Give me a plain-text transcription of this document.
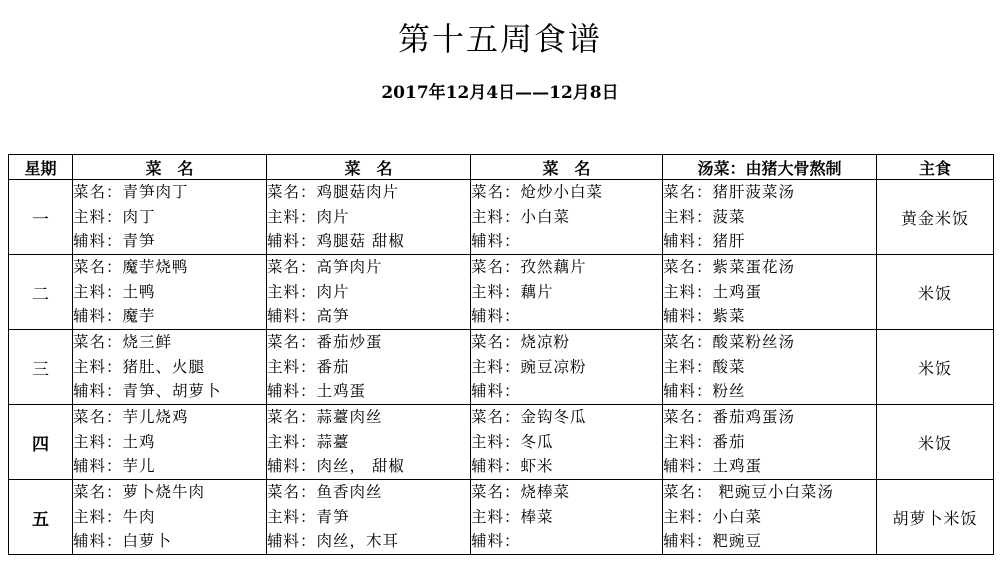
第十五周食谱
2017年12月4日——12月8日
星期	菜　名	菜　名	菜　名	汤菜：由猪大骨熬制	主食
一	菜名：青笋肉丁
主料：肉丁
辅料：青笋	菜名：鸡腿菇肉片
主料：肉片
辅料：鸡腿菇 甜椒	菜名：炝炒小白菜
主料：小白菜
辅料：	菜名：猪肝菠菜汤
主料：菠菜
辅料：猪肝	黄金米饭
二	菜名：魔芋烧鸭
主料：土鸭
辅料：魔芋	菜名：高笋肉片
主料：肉片
辅料：高笋	菜名：孜然藕片
主料：藕片
辅料：	菜名：紫菜蛋花汤
主料：土鸡蛋
辅料：紫菜	米饭
三	菜名：烧三鲜
主料：猪肚、火腿
辅料：青笋、胡萝卜	菜名：番茄炒蛋
主料：番茄
辅料：土鸡蛋	菜名：烧凉粉
主料：豌豆凉粉
辅料：	菜名：酸菜粉丝汤
主料：酸菜
辅料：粉丝	米饭
四	菜名：芋儿烧鸡
主料：土鸡
辅料：芋儿	菜名：蒜薹肉丝
主料：蒜薹
辅料：肉丝， 甜椒	菜名：金钩冬瓜
主料：冬瓜
辅料：虾米	菜名：番茄鸡蛋汤
主料：番茄
辅料：土鸡蛋	米饭
五	菜名：萝卜烧牛肉
主料：牛肉
辅料：白萝卜	菜名：鱼香肉丝
主料：青笋
辅料：肉丝，木耳	菜名：烧棒菜
主料：棒菜
辅料：	菜名： 粑豌豆小白菜汤
主料：小白菜
辅料：粑豌豆	胡萝卜米饭
